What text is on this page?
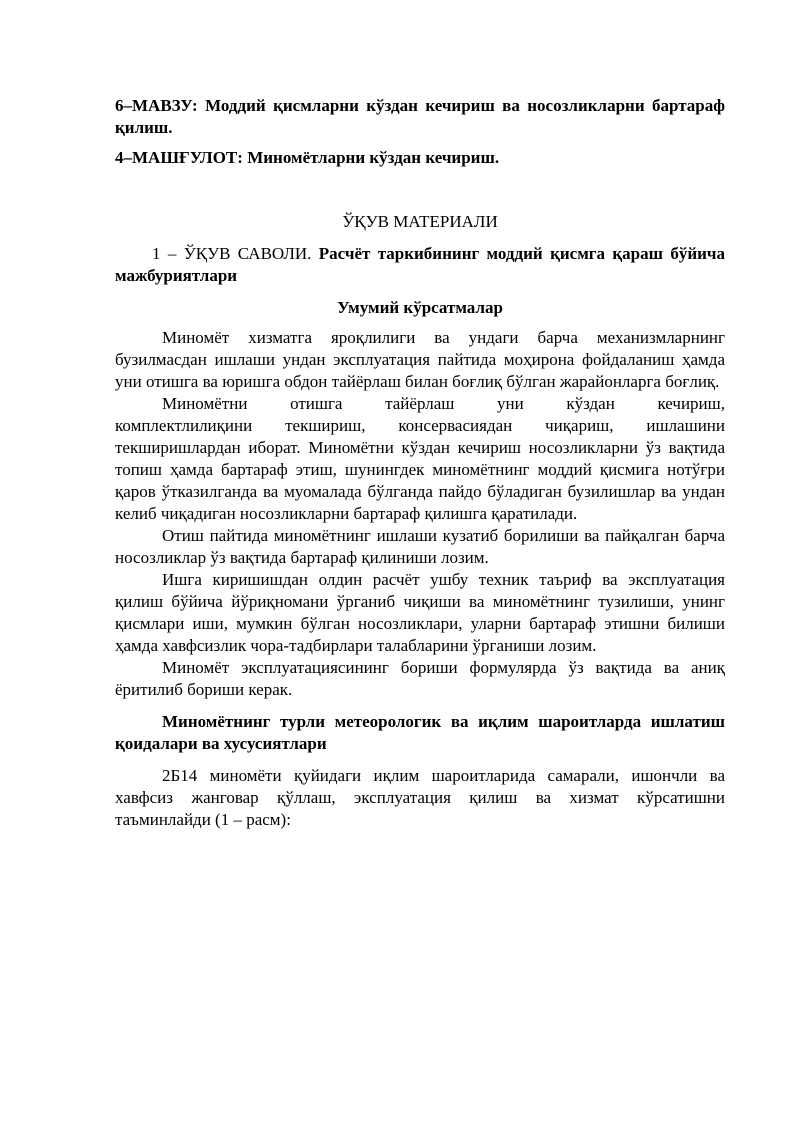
6–МАВЗУ: Моддий қисмларни кўздан кечириш ва носозликларни бартараф қилиш.

4–МАШҒУЛОТ: Миномётларни кўздан кечириш.

ЎҚУВ МАТЕРИАЛИ

1 – ЎҚУВ САВОЛИ. Расчёт таркибининг моддий қисмга қараш бўйича мажбуриятлари

Умумий кўрсатмалар

Миномёт хизматга яроқлилиги ва ундаги барча механизмларнинг бузилмасдан ишлаши ундан эксплуатация пайтида моҳирона фойдаланиш ҳамда уни отишга ва юришга обдон тайёрлаш билан боғлиқ бўлган жарайонларга боғлиқ.

Миномётни отишга тайёрлаш уни кўздан кечириш,

комплектлилиқини текшириш, консервасиядан чиқариш, ишлашини текширишлардан иборат. Миномётни кўздан кечириш носозликларни ўз вақтида топиш ҳамда бартараф этиш, шунингдек миномётнинг моддий қисмига нотўғри қаров ўтказилганда ва муомалада бўлганда пайдо бўладиган бузилишлар ва ундан келиб чиқадиган носозликларни бартараф қилишга қаратилади.

Отиш пайтида миномётнинг ишлаши кузатиб борилиши ва пайқалган барча носозликлар ўз вақтида бартараф қилиниши лозим.

Ишга киришишдан олдин расчёт ушбу техник таъриф ва эксплуатация қилиш бўйича йўриқномани ўрганиб чиқиши ва миномётнинг тузилиши, унинг қисмлари иши, мумкин бўлган носозликлари, уларни бартараф этишни билиши ҳамда хавфсизлик чора-тадбирлари талабларини ўрганиши лозим.

Миномёт эксплуатациясининг бориши формулярда ўз вақтида ва аниқ ёритилиб бориши керак.

Миномётнинг турли метеорологик ва иқлим шароитларда ишлатиш қоидалари ва хусусиятлари

2Б14 миномёти қуйидаги иқлим шароитларида самарали, ишончли ва хавфсиз жанговар қўллаш, эксплуатация қилиш ва хизмат кўрсатишни таъминлайди (1 – расм):
